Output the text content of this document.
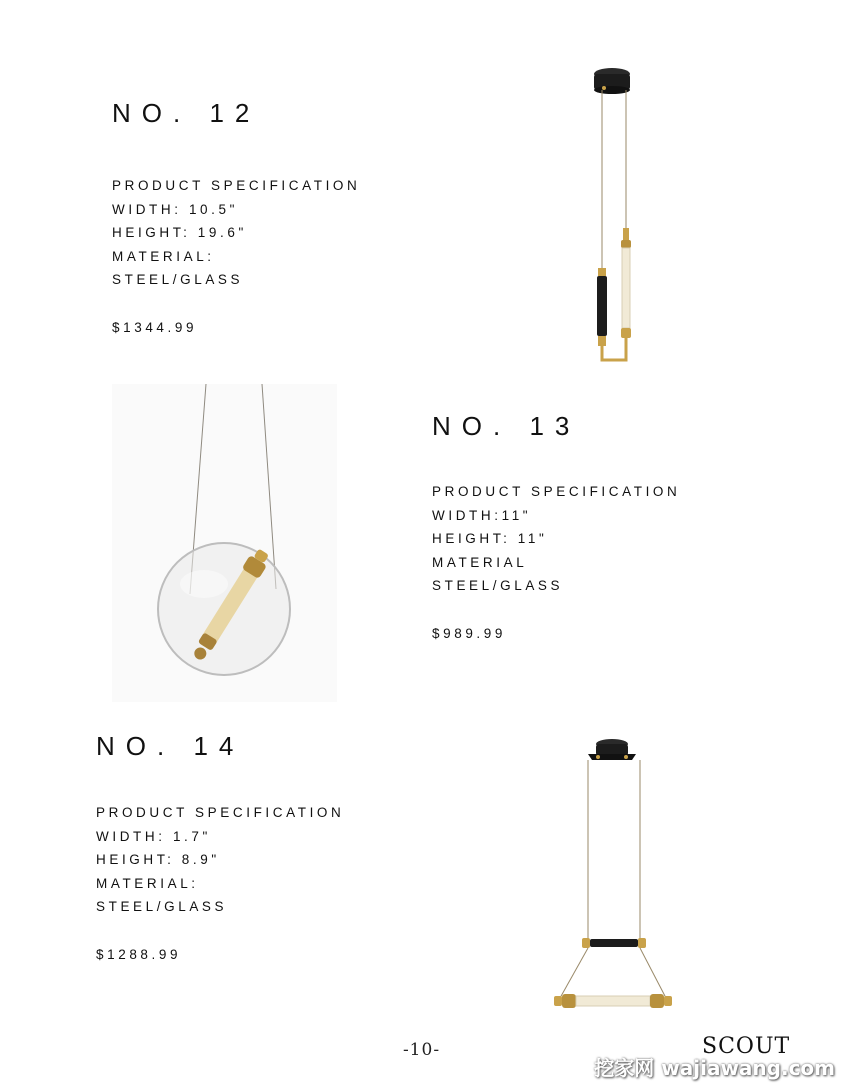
NO. 12
PRODUCT SPECIFICATION
WIDTH: 10.5"
HEIGHT: 19.6"
MATERIAL:
STEEL/GLASS
$1344.99
NO. 13
PRODUCT SPECIFICATION
WIDTH:11"
HEIGHT: 11"
MATERIAL
STEEL/GLASS
$989.99
NO. 14
PRODUCT SPECIFICATION
WIDTH: 1.7"
HEIGHT: 8.9"
MATERIAL:
STEEL/GLASS
$1288.99
-10-	SCOUT
挖家网 wajiawang.com
